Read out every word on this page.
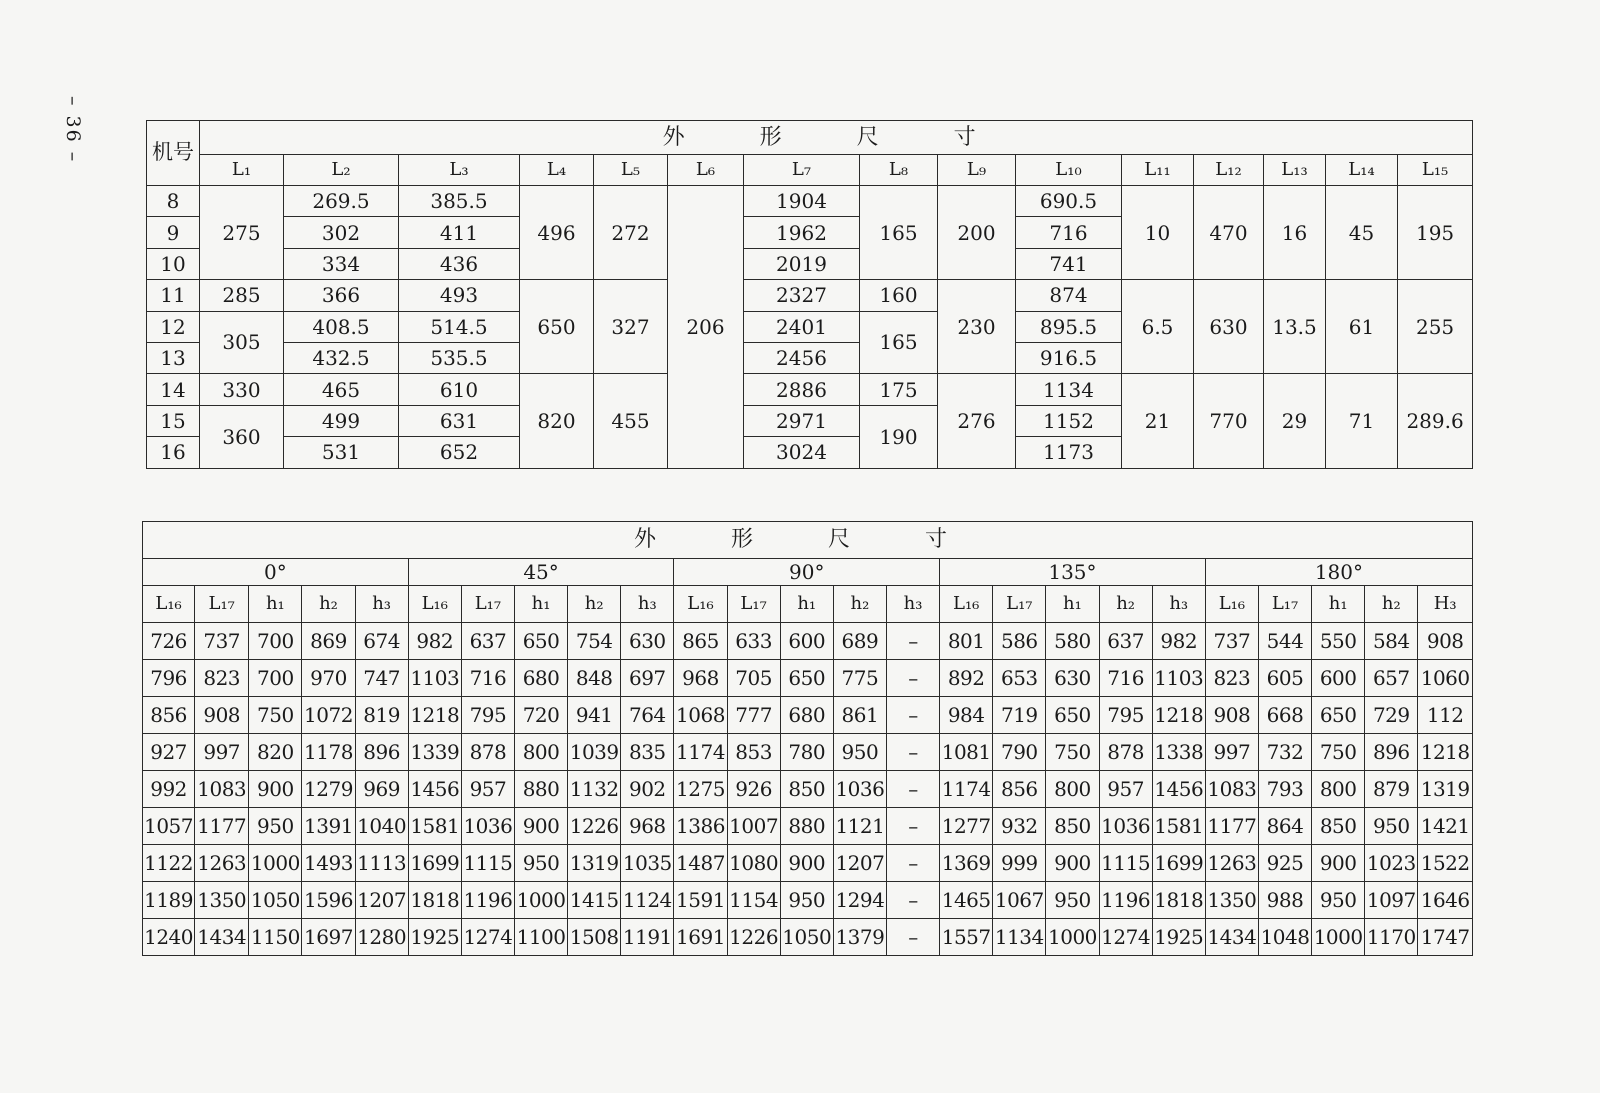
– 36 –	机号	外 形 尺 寸														
	L₁	L₂	L₃	L₄	L₅	L₆	L₇	L₈	L₉	L₁₀	L₁₁	L₁₂	L₁₃	L₁₄	L₁₅
8	275	269.5	385.5	496	272	206	1904	165	200	690.5	10	470	16	45	195
9		302	411				1962			716					
10		334	436				2019			741					
11	285	366	493	650	327		2327	160	230	874	6.5	630	13.5	61	255
12	305	408.5	514.5				2401	165		895.5					
13		432.5	535.5				2456			916.5					
14	330	465	610	820	455		2886	175	276	1134	21	770	29	71	289.6
15	360	499	631				2971	190		1152					
16		531	652				3024			1173					
外 形 尺 寸																								
0°					45°					90°					135°					180°				
L₁₆	L₁₇	h₁	h₂	h₃	L₁₆	L₁₇	h₁	h₂	h₃	L₁₆	L₁₇	h₁	h₂	h₃	L₁₆	L₁₇	h₁	h₂	h₃	L₁₆	L₁₇	h₁	h₂	H₃
726	737	700	869	674	982	637	650	754	630	865	633	600	689	–	801	586	580	637	982	737	544	550	584	908
796	823	700	970	747	1103	716	680	848	697	968	705	650	775	–	892	653	630	716	1103	823	605	600	657	1060
856	908	750	1072	819	1218	795	720	941	764	1068	777	680	861	–	984	719	650	795	1218	908	668	650	729	112
927	997	820	1178	896	1339	878	800	1039	835	1174	853	780	950	–	1081	790	750	878	1338	997	732	750	896	1218
992	1083	900	1279	969	1456	957	880	1132	902	1275	926	850	1036	–	1174	856	800	957	1456	1083	793	800	879	1319
1057	1177	950	1391	1040	1581	1036	900	1226	968	1386	1007	880	1121	–	1277	932	850	1036	1581	1177	864	850	950	1421
1122	1263	1000	1493	1113	1699	1115	950	1319	1035	1487	1080	900	1207	–	1369	999	900	1115	1699	1263	925	900	1023	1522
1189	1350	1050	1596	1207	1818	1196	1000	1415	1124	1591	1154	950	1294	–	1465	1067	950	1196	1818	1350	988	950	1097	1646
1240	1434	1150	1697	1280	1925	1274	1100	1508	1191	1691	1226	1050	1379	–	1557	1134	1000	1274	1925	1434	1048	1000	1170	1747
